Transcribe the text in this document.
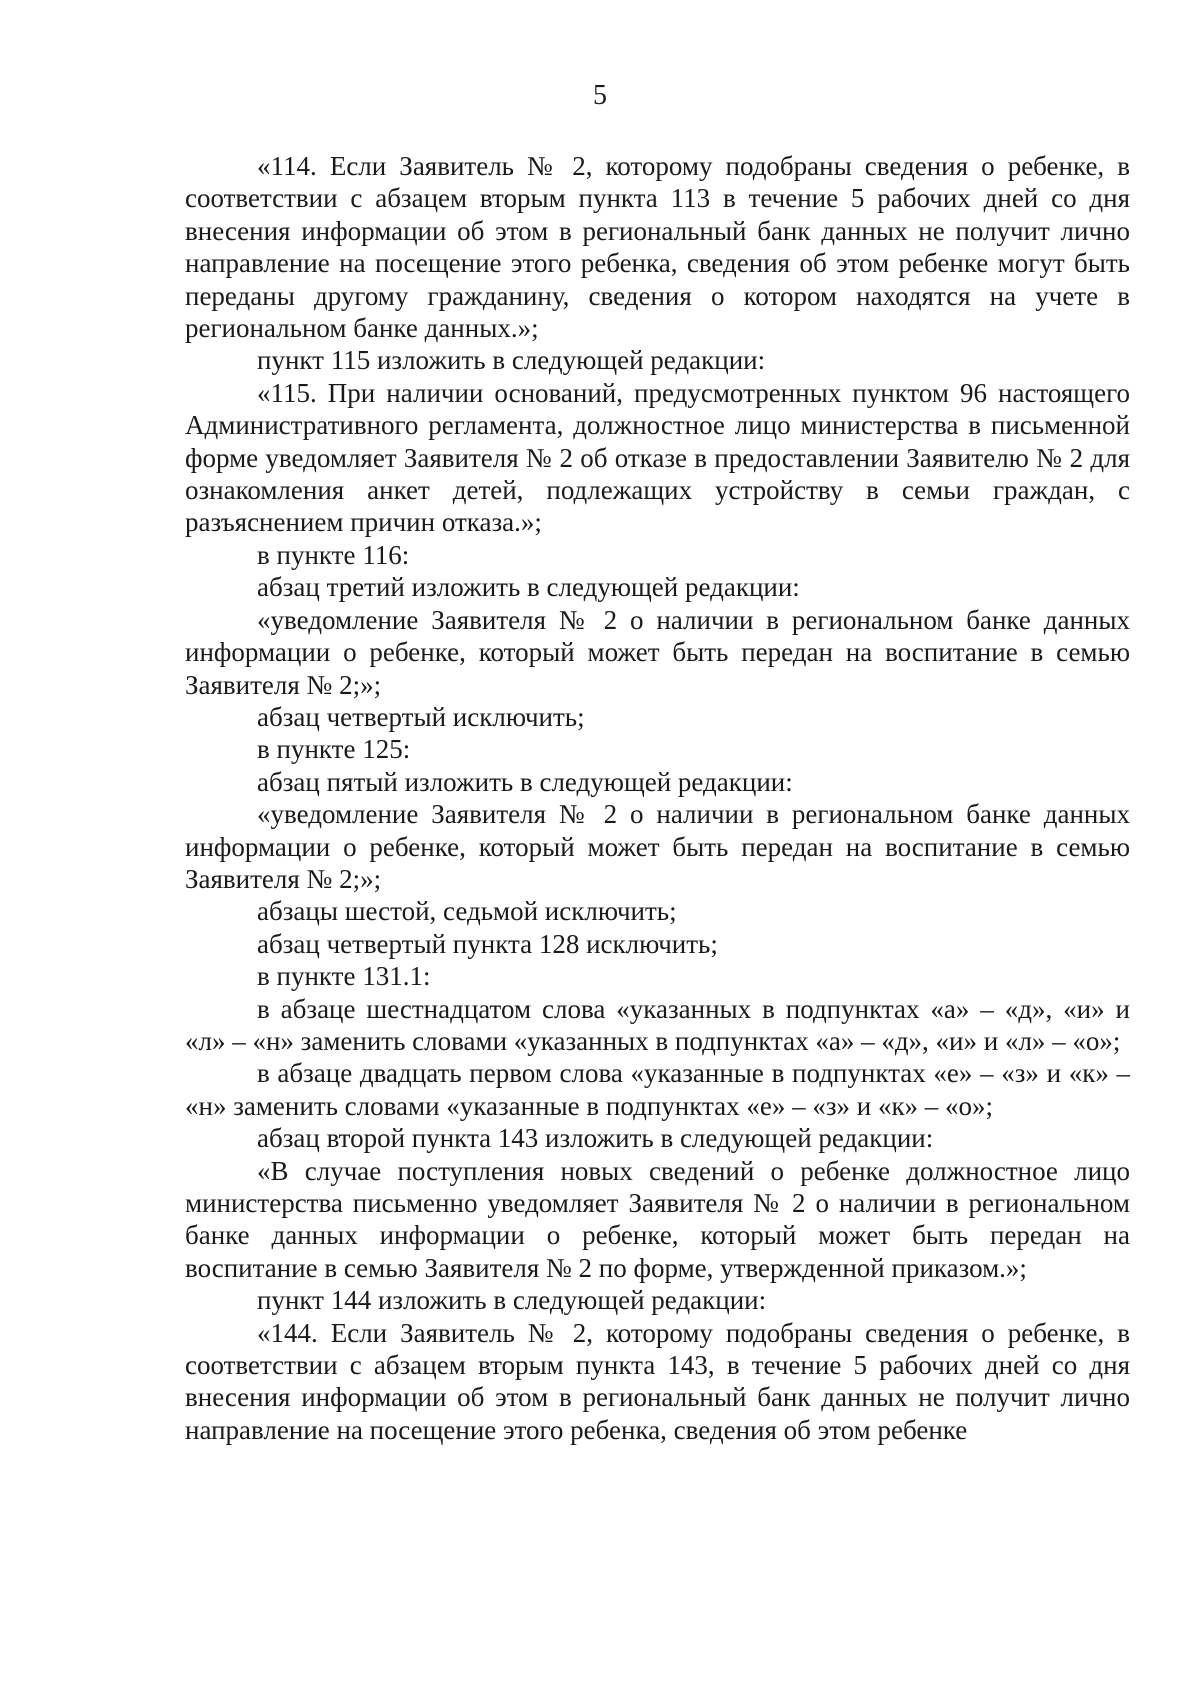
5

«114. Если Заявитель № 2, которому подобраны сведения о ребенке, в соответствии с абзацем вторым пункта 113 в течение 5 рабочих дней со дня внесения информации об этом в региональный банк данных не получит лично направление на посещение этого ребенка, сведения об этом ребенке могут быть переданы другому гражданину, сведения о котором находятся на учете в региональном банке данных.»;

пункт 115 изложить в следующей редакции:

«115. При наличии оснований, предусмотренных пунктом 96 настоящего Административного регламента, должностное лицо министерства в письменной форме уведомляет Заявителя № 2 об отказе в предоставлении Заявителю № 2 для ознакомления анкет детей, подлежащих устройству в семьи граждан, с разъяснением причин отказа.»;

в пункте 116:

абзац третий изложить в следующей редакции:

«уведомление Заявителя № 2 о наличии в региональном банке данных информации о ребенке, который может быть передан на воспитание в семью Заявителя № 2;»;

абзац четвертый исключить;

в пункте 125:

абзац пятый изложить в следующей редакции:

«уведомление Заявителя № 2 о наличии в региональном банке данных информации о ребенке, который может быть передан на воспитание в семью Заявителя № 2;»;

абзацы шестой, седьмой исключить;

абзац четвертый пункта 128 исключить;

в пункте 131.1:

в абзаце шестнадцатом слова «указанных в подпунктах «а» – «д», «и» и «л» – «н» заменить словами «указанных в подпунктах «а» – «д», «и» и «л» – «о»;

в абзаце двадцать первом слова «указанные в подпунктах «е» – «з» и «к» – «н» заменить словами «указанные в подпунктах «е» – «з» и «к» – «о»;

абзац второй пункта 143 изложить в следующей редакции:

«В случае поступления новых сведений о ребенке должностное лицо министерства письменно уведомляет Заявителя № 2 о наличии в региональном банке данных информации о ребенке, который может быть передан на воспитание в семью Заявителя № 2 по форме, утвержденной приказом.»;

пункт 144 изложить в следующей редакции:

«144. Если Заявитель № 2, которому подобраны сведения о ребенке, в соответствии с абзацем вторым пункта 143, в течение 5 рабочих дней со дня внесения информации об этом в региональный банк данных не получит лично направление на посещение этого ребенка, сведения об этом ребенке
